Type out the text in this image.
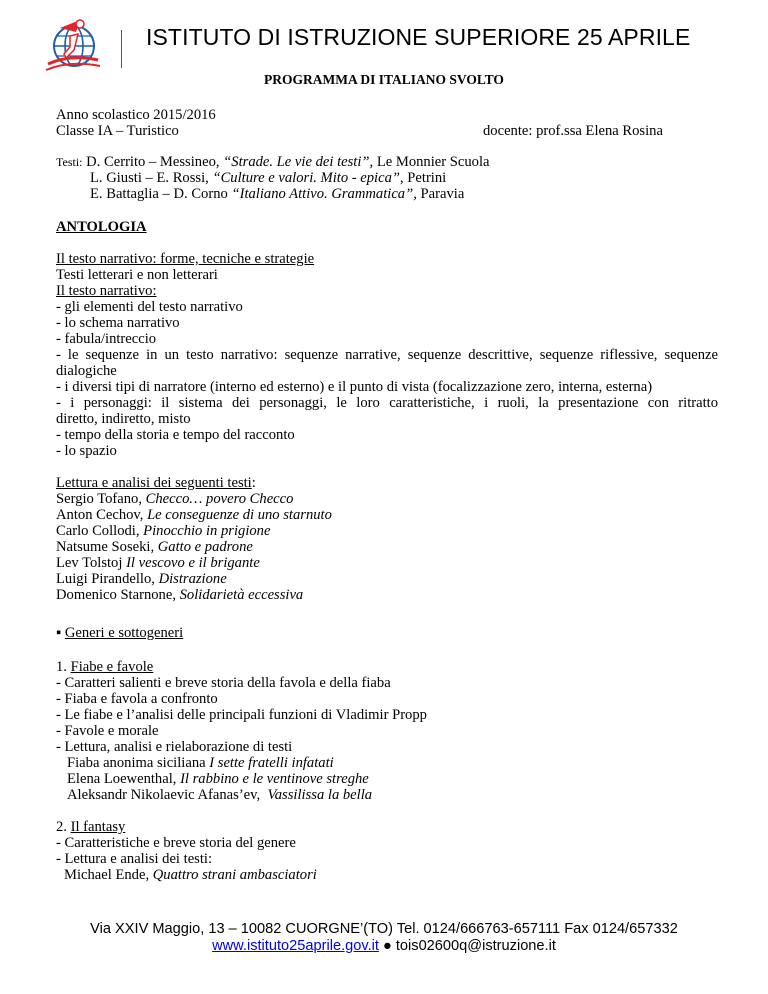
ISTITUTO DI ISTRUZIONE SUPERIORE 25 APRILE
PROGRAMMA DI ITALIANO SVOLTO
Anno scolastico 2015/2016
Classe IA – Turistico	docente: prof.ssa Elena Rosina
Testi: D. Cerrito – Messineo, “Strade. Le vie dei testi”, Le Monnier Scuola
L. Giusti – E. Rossi, “Culture e valori. Mito - epica”, Petrini
E. Battaglia – D. Corno “Italiano Attivo. Grammatica”, Paravia
ANTOLOGIA
Il testo narrativo: forme, tecniche e strategie
Testi letterari e non letterari
Il testo narrativo:
- gli elementi del testo narrativo
- lo schema narrativo
- fabula/intreccio
- le sequenze in un testo narrativo: sequenze narrative, sequenze descrittive, sequenze riflessive, sequenze
dialogiche
- i diversi tipi di narratore (interno ed esterno) e il punto di vista (focalizzazione zero, interna, esterna)
- i personaggi: il sistema dei personaggi, le loro caratteristiche, i ruoli, la presentazione con ritratto
diretto, indiretto, misto
- tempo della storia e tempo del racconto
- lo spazio
Lettura e analisi dei seguenti testi:
Sergio Tofano, Checco… povero Checco
Anton Cechov, Le conseguenze di uno starnuto
Carlo Collodi, Pinocchio in prigione
Natsume Soseki, Gatto e padrone
Lev Tolstoj Il vescovo e il brigante
Luigi Pirandello, Distrazione
Domenico Starnone, Solidarietà eccessiva
▪ Generi e sottogeneri
1. Fiabe e favole
- Caratteri salienti e breve storia della favola e della fiaba
- Fiaba e favola a confronto
- Le fiabe e l’analisi delle principali funzioni di Vladimir Propp
- Favole e morale
- Lettura, analisi e rielaborazione di testi
Fiaba anonima siciliana I sette fratelli infatati
Elena Loewenthal, Il rabbino e le ventinove streghe
Aleksandr Nikolaevic Afanas’ev,  Vassilissa la bella
2. Il fantasy
- Caratteristiche e breve storia del genere
- Lettura e analisi dei testi:
Michael Ende, Quattro strani ambasciatori
Via XXIV Maggio, 13 – 10082 CUORGNE’(TO) Tel. 0124/666763-657111 Fax 0124/657332
www.istituto25aprile.gov.it ● tois02600q@istruzione.it
